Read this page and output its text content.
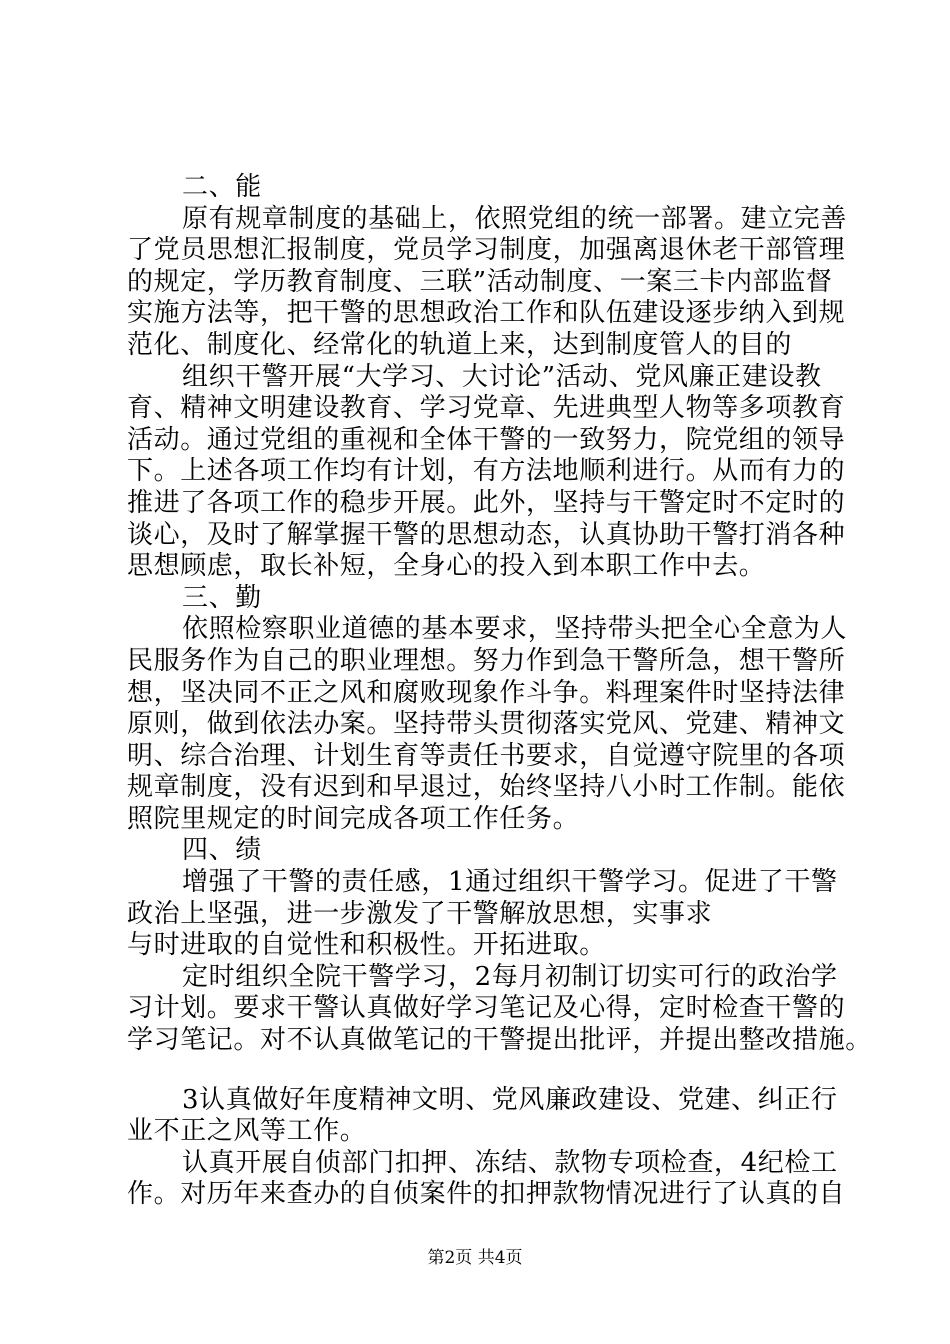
二、能
原有规章制度的基础上，依照党组的统一部署。建立完善
了党员思想汇报制度，党员学习制度，加强离退休老干部管理
的规定，学历教育制度、三联”活动制度、一案三卡内部监督
实施方法等，把干警的思想政治工作和队伍建设逐步纳入到规
范化、制度化、经常化的轨道上来，达到制度管人的目的
组织干警开展“大学习、大讨论”活动、党风廉正建设教
育、精神文明建设教育、学习党章、先进典型人物等多项教育
活动。通过党组的重视和全体干警的一致努力，院党组的领导
下。上述各项工作均有计划，有方法地顺利进行。从而有力的
推进了各项工作的稳步开展。此外，坚持与干警定时不定时的
谈心，及时了解掌握干警的思想动态，认真协助干警打消各种
思想顾虑，取长补短，全身心的投入到本职工作中去。
三、勤
依照检察职业道德的基本要求，坚持带头把全心全意为人
民服务作为自己的职业理想。努力作到急干警所急，想干警所
想，坚决同不正之风和腐败现象作斗争。料理案件时坚持法律
原则，做到依法办案。坚持带头贯彻落实党风、党建、精神文
明、综合治理、计划生育等责任书要求，自觉遵守院里的各项
规章制度，没有迟到和早退过，始终坚持八小时工作制。能依
照院里规定的时间完成各项工作任务。
四、绩
增强了干警的责任感，1通过组织干警学习。促进了干警
政治上坚强，进一步激发了干警解放思想，实事求
与时进取的自觉性和积极性。开拓进取。
定时组织全院干警学习，2每月初制订切实可行的政治学
习计划。要求干警认真做好学习笔记及心得，定时检查干警的
学习笔记。对不认真做笔记的干警提出批评，并提出整改措施。
3认真做好年度精神文明、党风廉政建设、党建、纠正行
业不正之风等工作。
认真开展自侦部门扣押、冻结、款物专项检查，4纪检工
作。对历年来查办的自侦案件的扣押款物情况进行了认真的自
第2页 共4页
